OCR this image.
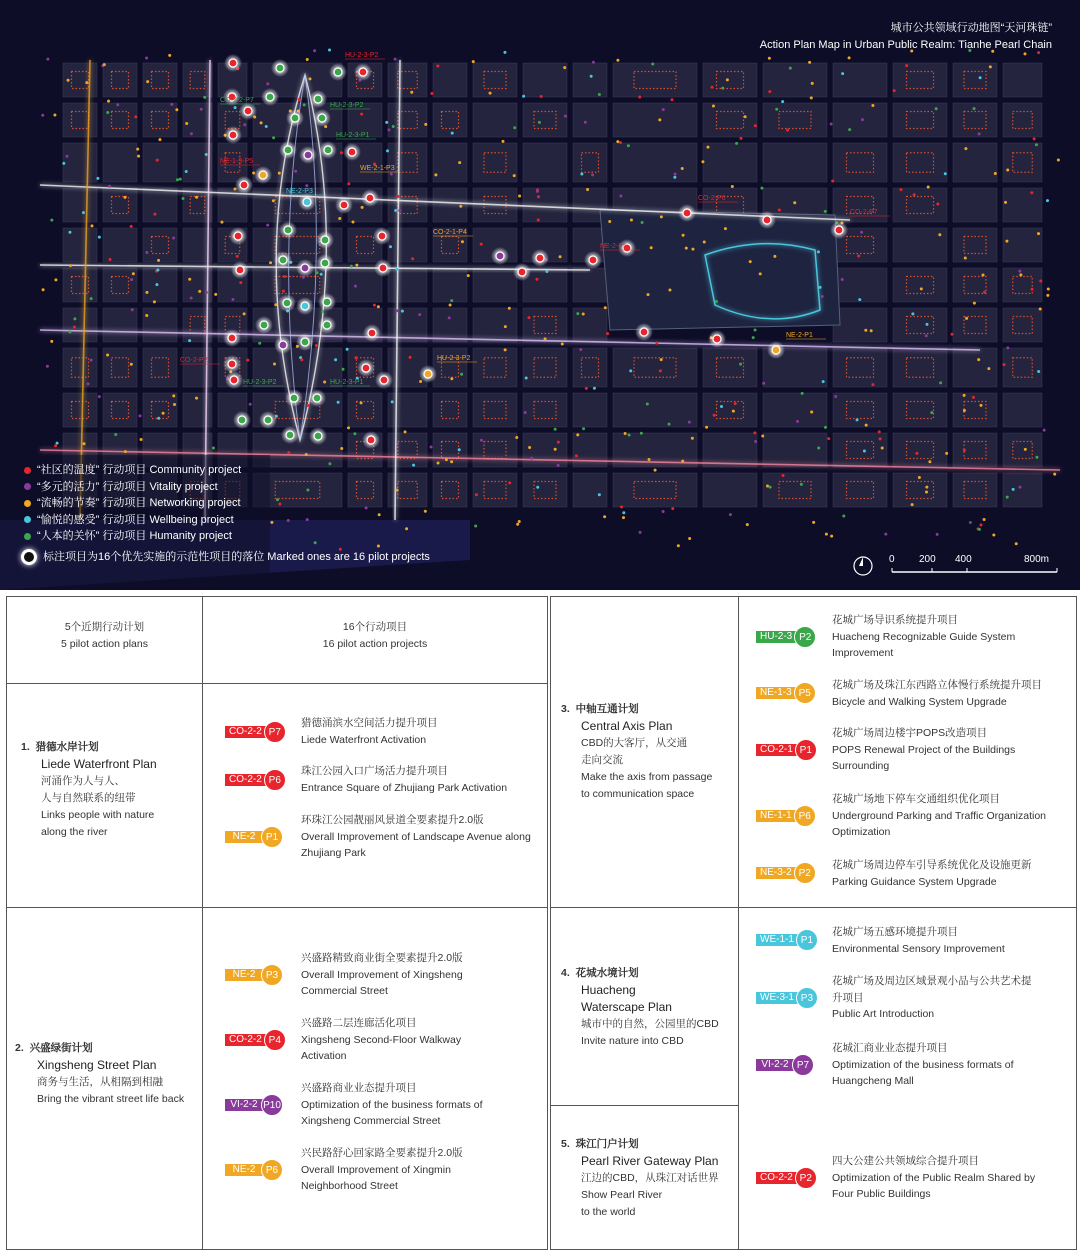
HU-2-3-P2
HU-2-3-P2
CO-2-2-P7
HU-2-3-P1
NE-1-3-P5
WE-2-1-P3
NE-2-P3
CO-2-1-P4
NE-2-P5
HU-2-3-P2
HU-2-3-P1
HU-2-3-P2
NE-2-P1
CO-2-P2
CO-2-P6
CO-2-P7
城市公共领域行动地图“天河珠链”
Action Plan Map in Urban Public Realm: Tianhe Pearl Chain
“社区的温度” 行动项目
Community project
“多元的活力” 行动项目
Vitality project
“流畅的节奏” 行动项目
Networking project
“愉悦的感受” 行动项目
Wellbeing project
“人本的关怀” 行动项目
Humanity project
标注项目为16个优先实施的示范性项目的落位 Marked ones are 16 pilot projects	0 200 400	800m
5个近期行动计划
5 pilot action plans
16个行动项目
16 pilot action projects
1. 猎德水岸计划
Liede Waterfront Plan
河涌作为人与人、
人与自然联系的纽带
Links people with nature
along the river
CO-2-2 P7
猎德涌滨水空间活力提升项目
Liede Waterfront Activation
CO-2-2 P6
珠江公园入口广场活力提升项目
Entrance Square of Zhujiang Park Activation
NE-2	P1
环珠江公园靓丽风景道全要素提升2.0版
Overall Improvement of Landscape Avenue along
Zhujiang Park
2. 兴盛绿街计划
Xingsheng Street Plan
商务与生活，从相隔到相融
Bring the vibrant street life back
NE-2	P3
兴盛路精致商业街全要素提升2.0版
Overall Improvement of Xingsheng
Commercial Street
CO-2-2 P4
兴盛路二层连廊活化项目
Xingsheng Second-Floor Walkway
Activation
VI-2-2 P10
兴盛路商业业态提升项目
Optimization of the business formats of
Xingsheng Commercial Street
NE-2	P6
兴民路舒心回家路全要素提升2.0版
Overall Improvement of Xingmin
Neighborhood Street
3. 中轴互通计划
Central Axis Plan
CBD的大客厅，从交通
走向交流
Make the axis from passage
to communication space
HU-2-3 P2
花城广场导识系统提升项目
Huacheng Recognizable Guide System
Improvement
NE-1-3 P5
花城广场及珠江东西路立体慢行系统提升项目
Bicycle and Walking System Upgrade
CO-2-1 P1
花城广场周边楼宇POPS改造项目
POPS Renewal Project of the Buildings
Surrounding
NE-1-1 P6
花城广场地下停车交通组织优化项目
Underground Parking and Traffic Organization
Optimization
NE-3-2 P2
花城广场周边停车引导系统优化及设施更新
Parking Guidance System Upgrade
4. 花城水境计划
Huacheng Waterscape Plan
城市中的自然，公园里的CBD
Invite nature into CBD
WE-1-1 P1
花城广场五感环境提升项目
Environmental Sensory Improvement
WE-3-1 P3
花城广场及周边区域景观小品与公共艺术提
升项目
Public Art Introduction
VI-2-2 P7
花城汇商业业态提升项目
Optimization of the business formats of
Huangcheng Mall
5. 珠江门户计划
Pearl River Gateway Plan
江边的CBD，从珠江对话世界
Show Pearl River
to the world
CO-2-2 P2
四大公建公共领域综合提升项目
Optimization of the Public Realm Shared by
Four Public Buildings
